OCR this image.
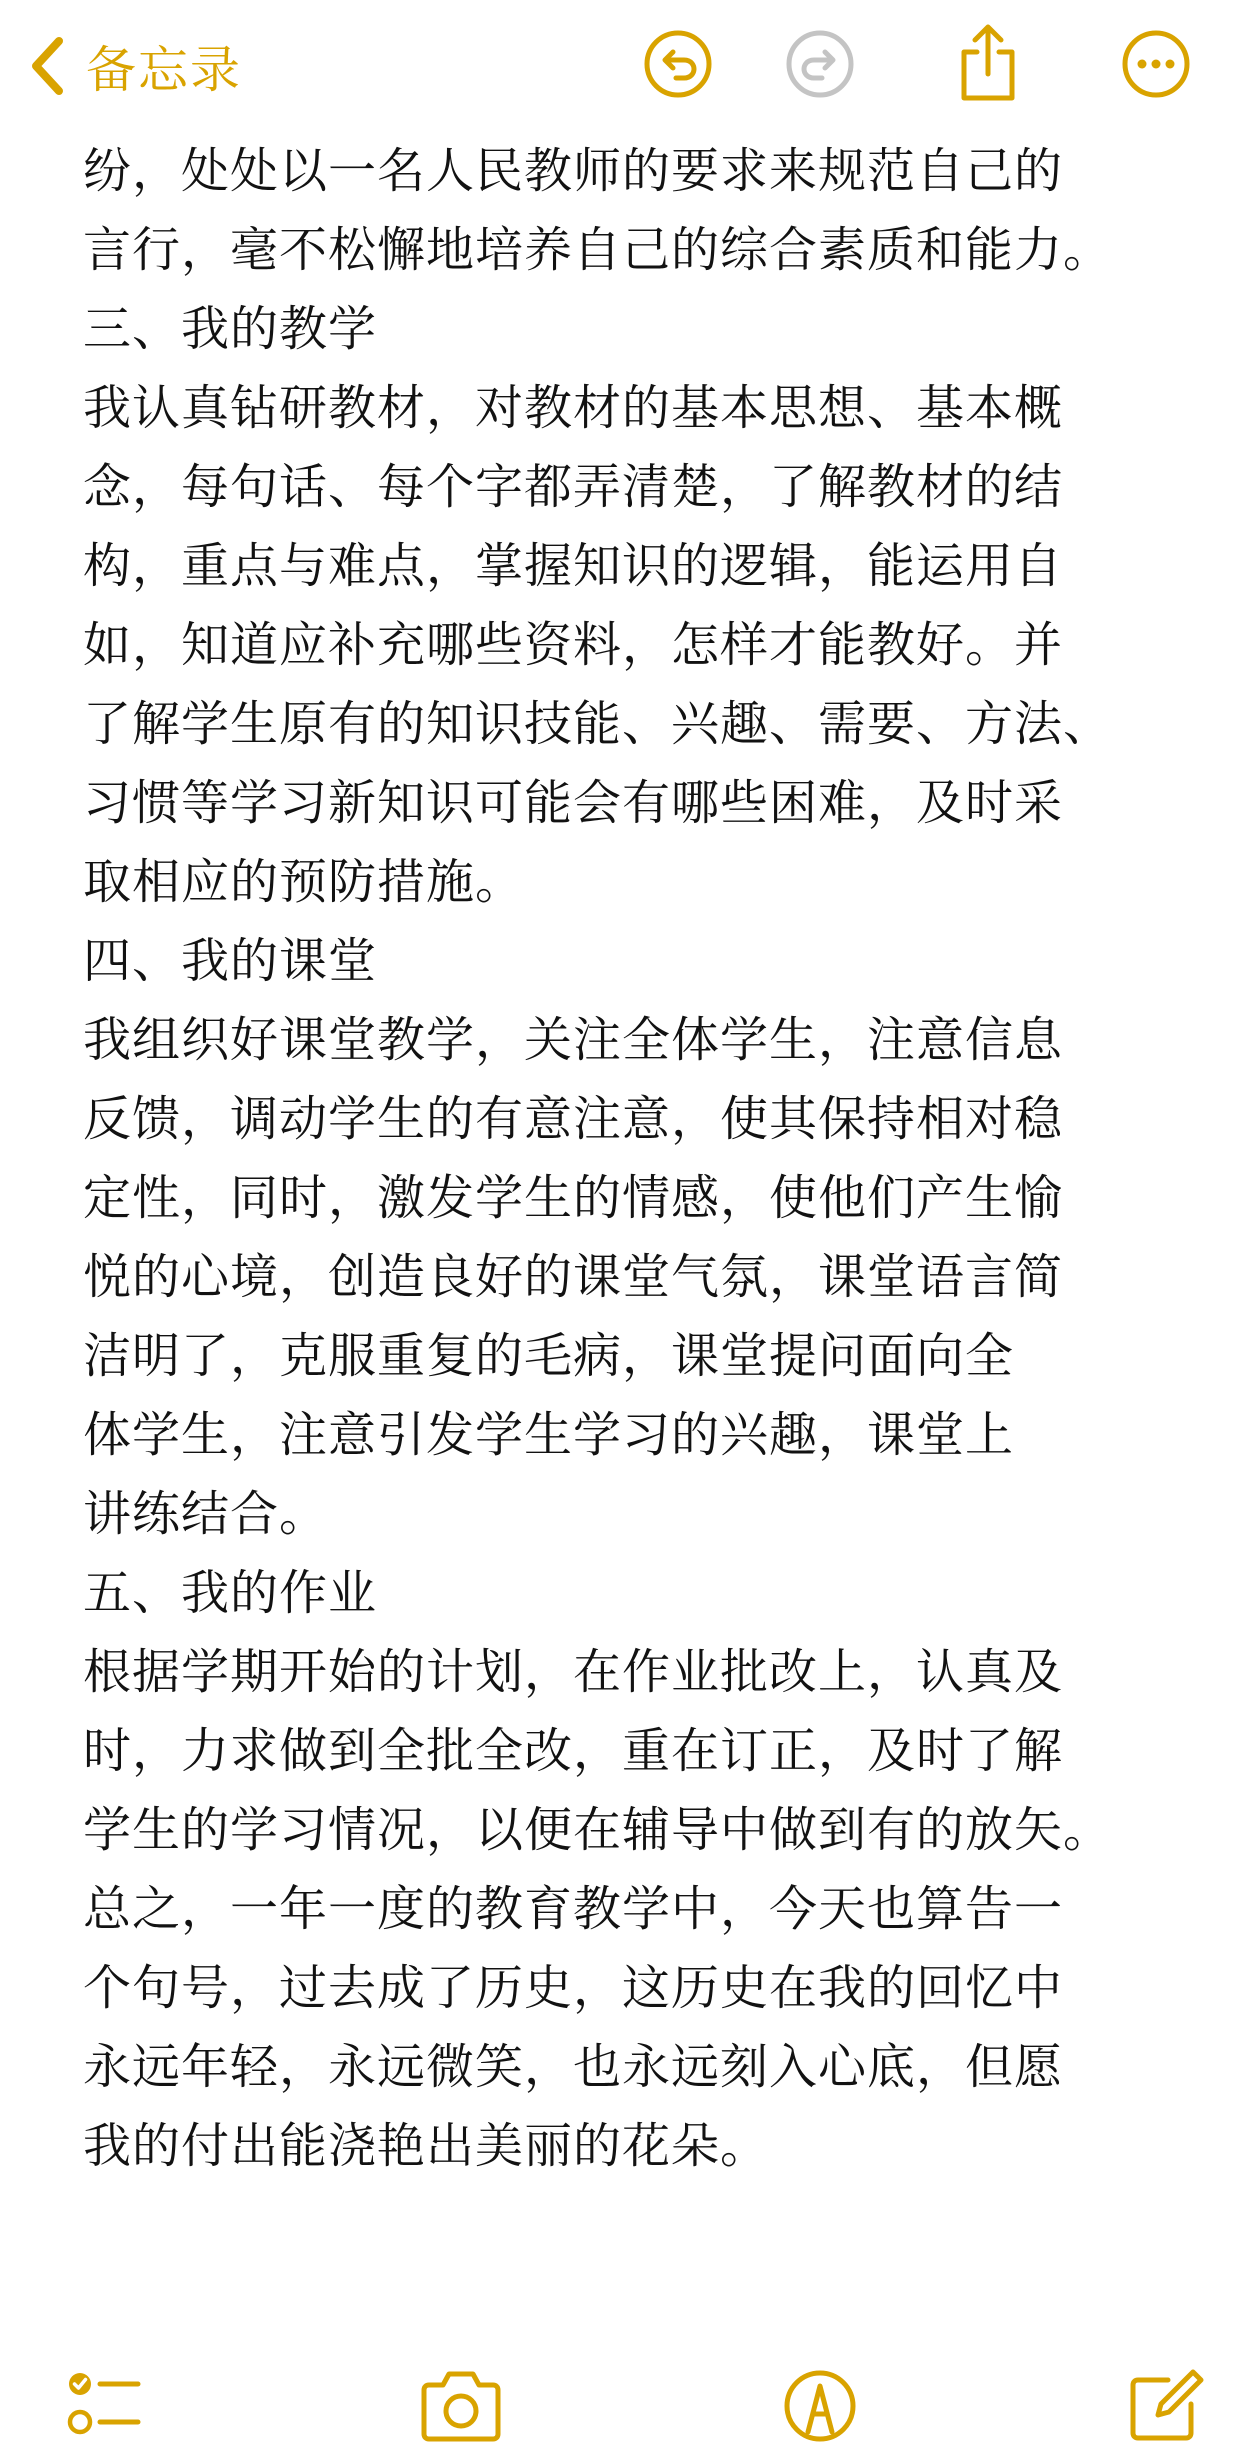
备忘录
纷，处处以一名人民教师的要求来规范自己的
言行，毫不松懈地培养自己的综合素质和能力。
三、我的教学
我认真钻研教材，对教材的基本思想、基本概
念，每句话、每个字都弄清楚，了解教材的结
构，重点与难点，掌握知识的逻辑，能运用自
如，知道应补充哪些资料，怎样才能教好。并
了解学生原有的知识技能、兴趣、需要、方法、
习惯等学习新知识可能会有哪些困难，及时采
取相应的预防措施。
四、我的课堂
我组织好课堂教学，关注全体学生，注意信息
反馈，调动学生的有意注意，使其保持相对稳
定性，同时，激发学生的情感，使他们产生愉
悦的心境，创造良好的课堂气氛，课堂语言简
洁明了，克服重复的毛病，课堂提问面向全
体学生，注意引发学生学习的兴趣，课堂上
讲练结合。
五、我的作业
根据学期开始的计划，在作业批改上，认真及
时，力求做到全批全改，重在订正，及时了解
学生的学习情况，以便在辅导中做到有的放矢。
总之，一年一度的教育教学中，今天也算告一
个句号，过去成了历史，这历史在我的回忆中
永远年轻，永远微笑，也永远刻入心底，但愿
我的付出能浇艳出美丽的花朵。
